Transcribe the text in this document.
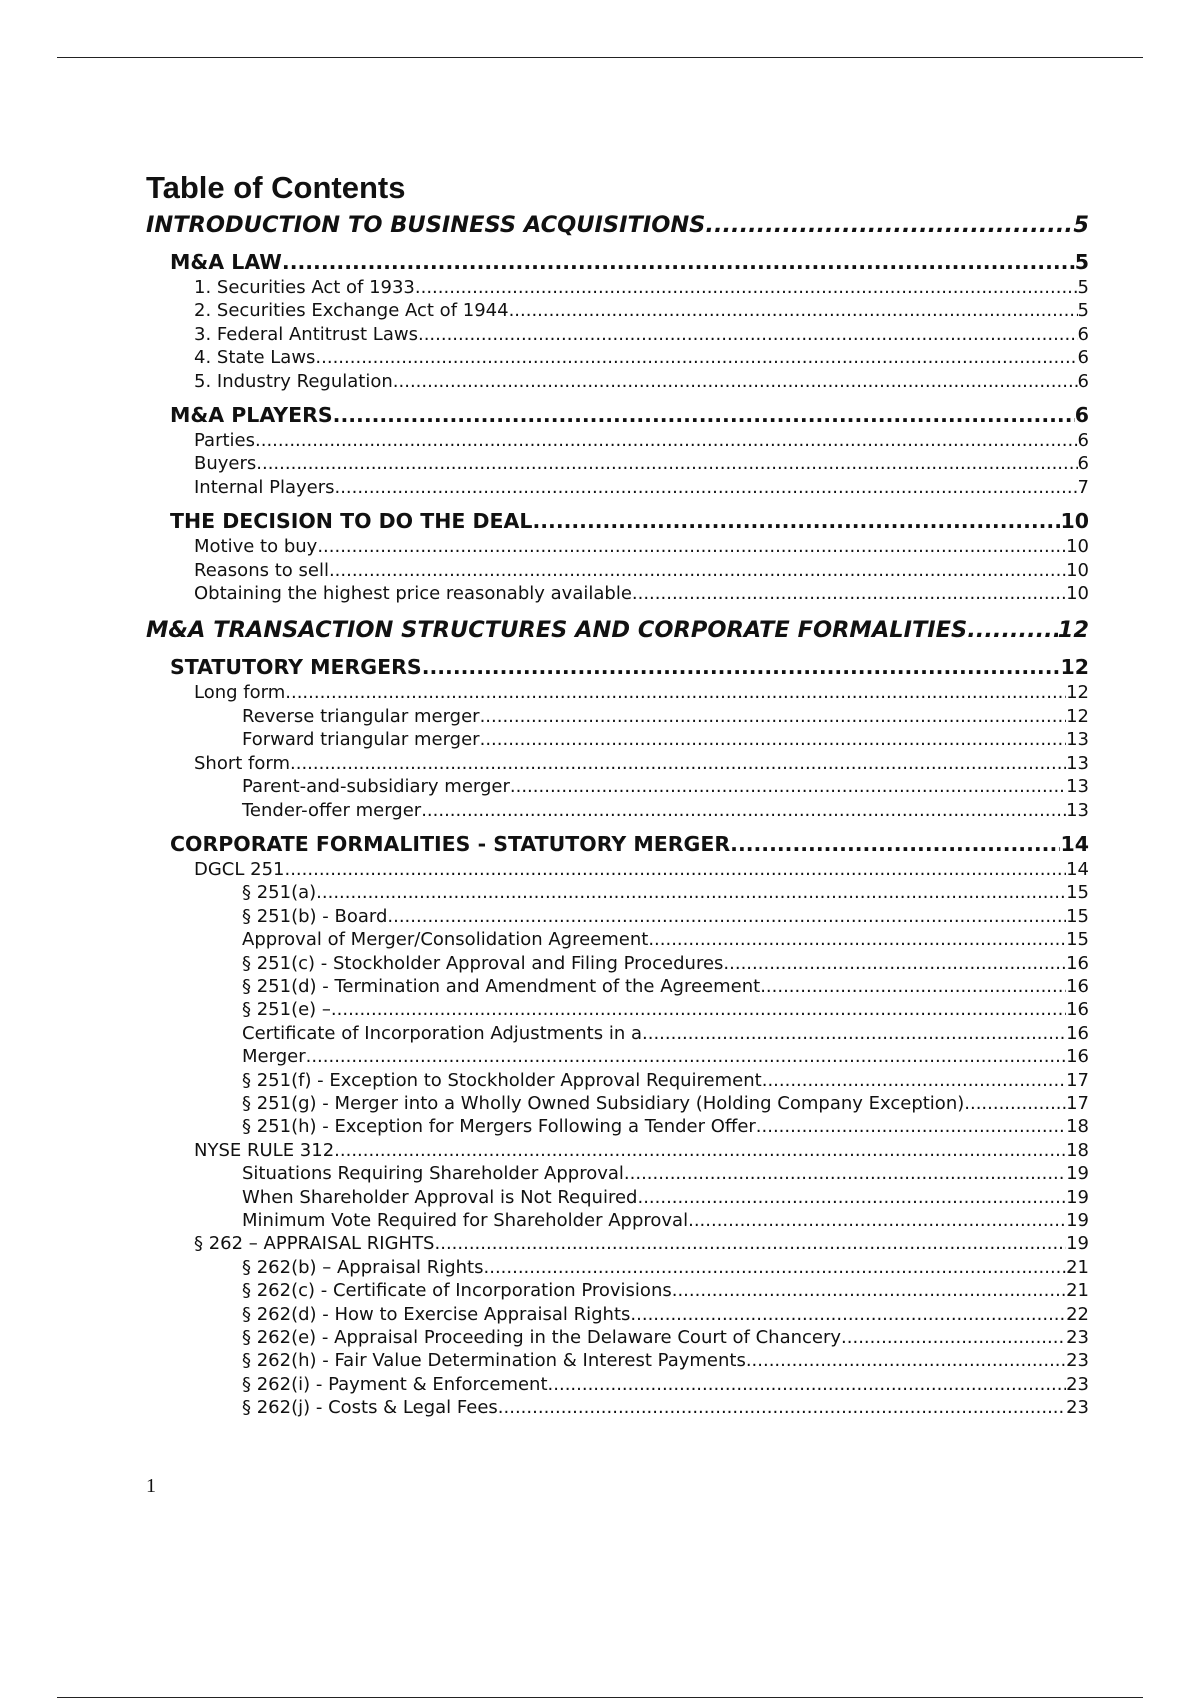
Table of Contents
INTRODUCTION TO BUSINESS ACQUISITIONS .....	5
M&A LAW .....	5
1. Securities Act of 1933 .....	5
2. Securities Exchange Act of 1944 .....	5
3. Federal Antitrust Laws .....	6
4. State Laws .....	6
5. Industry Regulation .....	6
M&A PLAYERS .....	6
Parties .....	6
Buyers .....	6
Internal Players .....	7
THE DECISION TO DO THE DEAL .....	10
Motive to buy .....	10
Reasons to sell .....	10
Obtaining the highest price reasonably available .....	10
M&A TRANSACTION STRUCTURES AND CORPORATE FORMALITIES .....	12
STATUTORY MERGERS .....	12
Long form .....	12
Reverse triangular merger .....	12
Forward triangular merger .....	13
Short form .....	13
Parent-and-subsidiary merger .....	13
Tender-offer merger .....	13
CORPORATE FORMALITIES - STATUTORY MERGER .....	14
DGCL 251 .....	14
§ 251(a) .....	15
§ 251(b) - Board .....	15
Approval of Merger/Consolidation Agreement .....	15
§ 251(c) - Stockholder Approval and Filing Procedures .....	16
§ 251(d) - Termination and Amendment of the Agreement .....	16
§ 251(e) – .....	16
Certificate of Incorporation Adjustments in a .....	16
Merger .....	16
§ 251(f) - Exception to Stockholder Approval Requirement .....	17
§ 251(g) - Merger into a Wholly Owned Subsidiary (Holding Company Exception) .....	17
§ 251(h) - Exception for Mergers Following a Tender Offer .....	18
NYSE RULE 312 .....	18
Situations Requiring Shareholder Approval .....	19
When Shareholder Approval is Not Required .....	19
Minimum Vote Required for Shareholder Approval .....	19
§ 262 – APPRAISAL RIGHTS .....	19
§ 262(b) – Appraisal Rights .....	21
§ 262(c) - Certificate of Incorporation Provisions .....	21
§ 262(d) - How to Exercise Appraisal Rights .....	22
§ 262(e) - Appraisal Proceeding in the Delaware Court of Chancery .....	23
§ 262(h) - Fair Value Determination & Interest Payments .....	23
§ 262(i) - Payment & Enforcement .....	23
§ 262(j) - Costs & Legal Fees .....	23
1
